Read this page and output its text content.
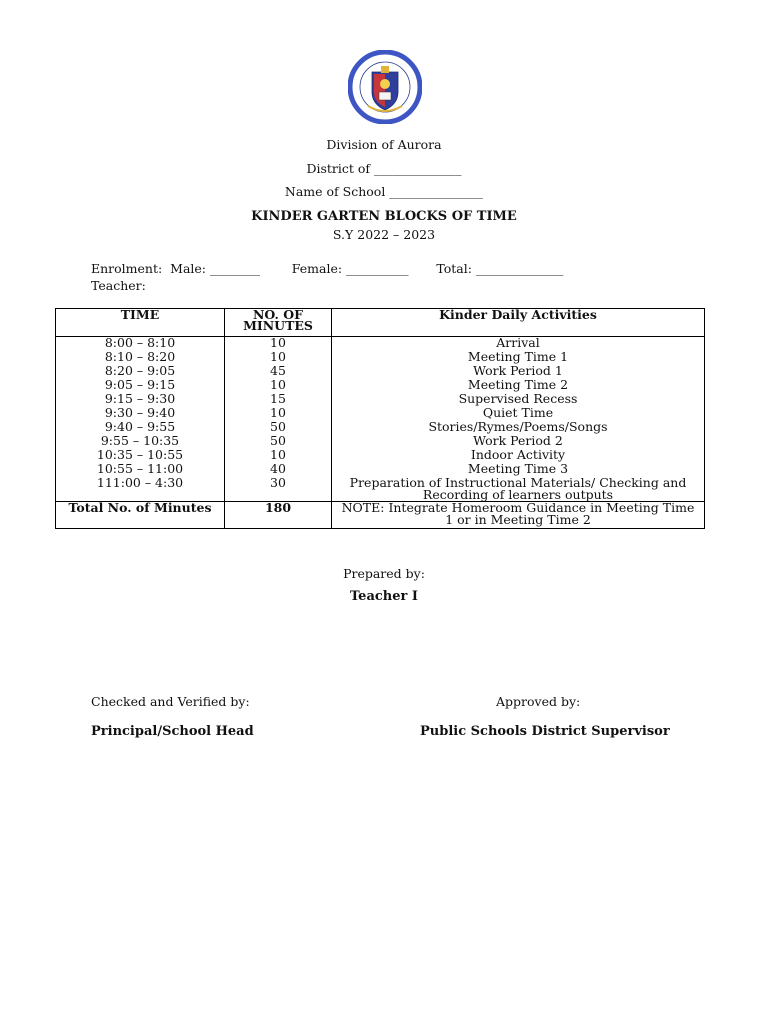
Division of Aurora
District of ______________
Name of School _______________
KINDER GARTEN BLOCKS OF TIME
S.Y 2022 – 2023
Enrolment:  Male: ________        Female: __________       Total: ______________
Teacher:
TIME	NO. OF MINUTES	Kinder Daily Activities
8:00 – 8:10	10	Arrival
8:10 – 8:20	10	Meeting Time 1
8:20 – 9:05	45	Work Period 1
9:05 – 9:15	10	Meeting Time 2
9:15 – 9:30	15	Supervised Recess
9:30 – 9:40	10	Quiet Time
9:40 – 9:55	50	Stories/Rymes/Poems/Songs
9:55 – 10:35	50	Work Period 2
10:35 – 10:55	10	Indoor Activity
10:55 – 11:00	40	Meeting Time 3
111:00 – 4:30	30	Preparation of Instructional Materials/ Checking and Recording of learners outputs
Total No. of Minutes	180	NOTE: Integrate Homeroom Guidance in Meeting Time 1 or in Meeting Time 2
Prepared by:
Teacher I
Checked and Verified by:
Principal/School Head
Approved by:
Public Schools District Supervisor
